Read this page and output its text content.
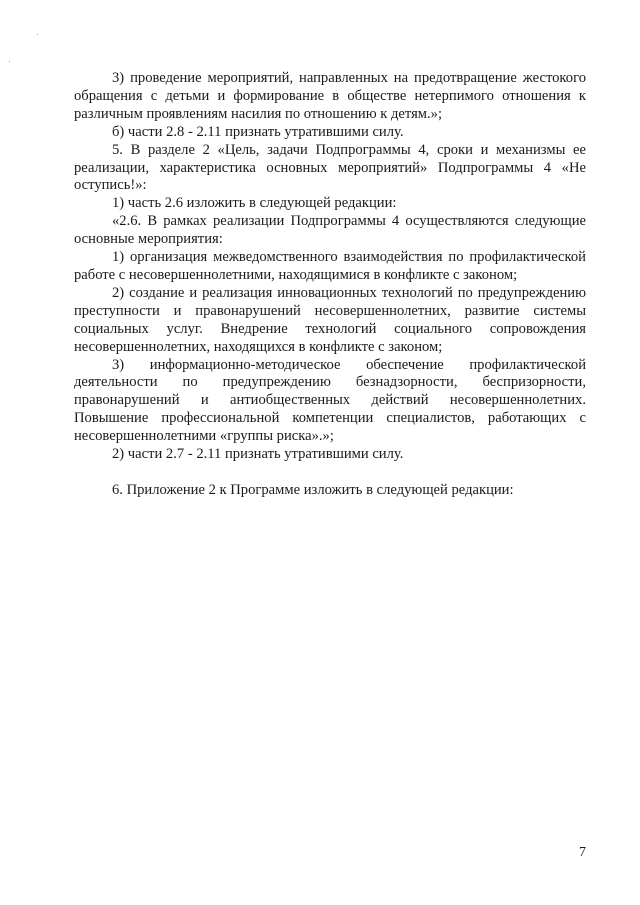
3) проведение мероприятий, направленных на предотвращение жестокого обращения с детьми и формирование в обществе нетерпимого отношения к различным проявлениям насилия по отношению к детям.»;

б) части 2.8 - 2.11 признать утратившими силу.

5. В разделе 2 «Цель, задачи Подпрограммы 4, сроки и механизмы ее реализации, характеристика основных мероприятий» Подпрограммы 4 «Не оступись!»:

1) часть 2.6 изложить в следующей редакции:

«2.6. В рамках реализации Подпрограммы 4 осуществляются следующие основные мероприятия:

1) организация межведомственного взаимодействия по профилактической работе с несовершеннолетними, находящимися в конфликте с законом;

2) создание и реализация инновационных технологий по предупреждению преступности и правонарушений несовершеннолетних, развитие системы социальных услуг. Внедрение технологий социального сопровождения несовершеннолетних, находящихся в конфликте с законом;

3) информационно-методическое обеспечение профилактической деятельности по предупреждению безнадзорности, беспризорности, правонарушений и антиобщественных действий несовершеннолетних. Повышение профессиональной компетенции специалистов, работающих с несовершеннолетними «группы риска».»;

2) части 2.7 - 2.11 признать утратившими силу.

6. Приложение 2 к Программе изложить в следующей редакции:

7
